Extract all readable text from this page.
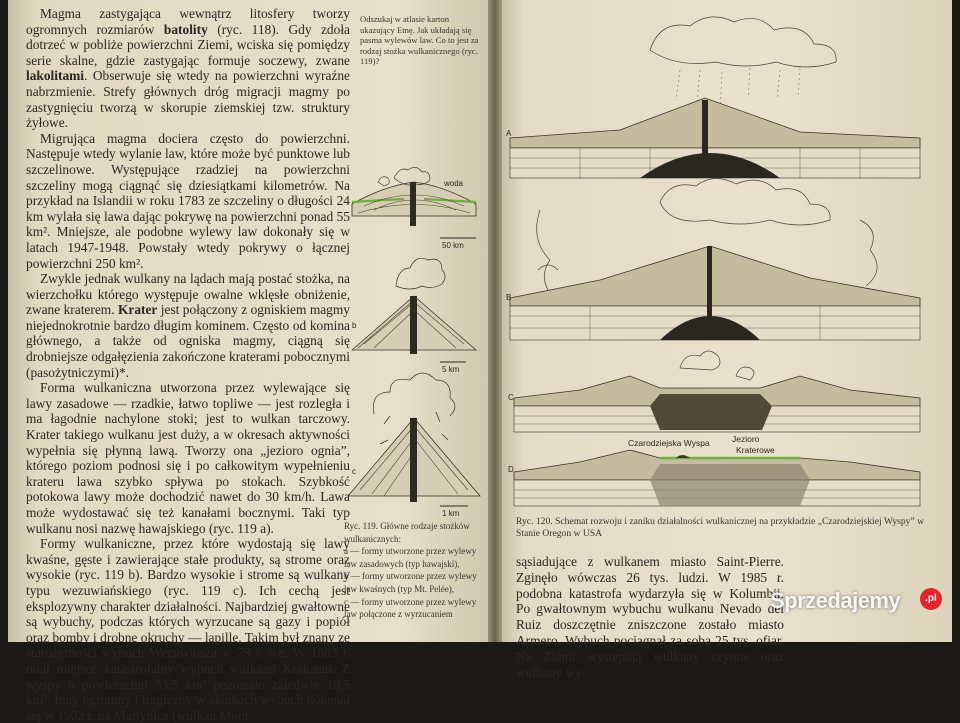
Magma zastygająca wewnątrz litosfery tworzy ogromnych rozmiarów batolity (ryc. 118). Gdy zdoła dotrzeć w pobliże powierzchni Ziemi, wciska się pomiędzy serie skalne, gdzie zastygając formuje soczewy, zwane lakolitami. Obserwuje się wtedy na powierzchni wyraźne nabrzmienie. Strefy głównych dróg migracji magmy po zastygnięciu tworzą w skorupie ziemskiej tzw. struktury żyłowe.

Migrująca magma dociera często do powierzchni. Następuje wtedy wylanie law, które może być punktowe lub szczelinowe. Występujące rzadziej na powierzchni szczeliny mogą ciągnąć się dziesiątkami kilometrów. Na przykład na Islandii w roku 1783 ze szczeliny o długości 24 km wylała się lawa dając pokrywę na powierzchni ponad 55 km². Mniejsze, ale podobne wylewy law dokonały się w latach 1947-1948. Powstały wtedy pokrywy o łącznej powierzchni 250 km².

Zwykle jednak wulkany na lądach mają postać stożka, na wierzchołku którego występuje owalne wklęsłe obniżenie, zwane kraterem. Krater jest połączony z ogniskiem magmy niejednokrotnie bardzo długim kominem. Często od komina głównego, a także od ogniska magmy, ciągną się drobniejsze odgałęzienia zakończone kraterami pobocznymi (pasożytniczymi)*.

Forma wulkaniczna utworzona przez wylewające się lawy zasadowe — rzadkie, łatwo topliwe — jest rozległa i ma łagodnie nachylone stoki; jest to wulkan tarczowy. Krater takiego wulkanu jest duży, a w okresach aktywności wypełnia się płynną lawą. Tworzy ona „jezioro ognia”, którego poziom podnosi się i po całkowitym wypełnieniu krateru lawa szybko spływa po stokach. Szybkość potokowa lawy może dochodzić nawet do 30 km/h. Lawa może wydostawać się też kanałami bocznymi. Taki typ wulkanu nosi nazwę hawajskiego (ryc. 119 a).

Formy wulkaniczne, przez które wydostają się lawy kwaśne, gęste i zawierające stałe produkty, są strome oraz wysokie (ryc. 119 b). Bardzo wysokie i strome są wulkany typu wezuwiańskiego (ryc. 119 c). Ich cechą jest eksplozywny charakter działalności. Najbardziej gwałtowne są wybuchy, podczas których wyrzucane są gazy i popiół oraz bomby i drobne okruchy — lapille. Takim był znany ze starożytności wybuch Wezuwiusza w 79 r. n.e. W 1883 r. miał miejsce katastrofalny wybuch wulkanu Krakatau. Z wyspy o powierzchni 33,5 km² pozostało zaledwie 10,5 km². Inny ogromny i tragiczny w skutkach wybuch dokonał się w 1902 r. na Martynice (wulkan Mont

Odszukaj w atlasie karton ukazujący Etnę. Jak układają się pasma wylewów law. Co to jest za rodzaj stożka wulkanicznego (ryc. 119)?
woda
50 km
b
5 km
c
1 km
Ryc. 119. Główne rodzaje stożków wulkanicznych:
a — formy utworzone przez wylewy law zasadowych (typ hawajski),
b — formy utworzone przez wylewy law kwaśnych (typ Mt. Pelée),
c — formy utworzone przez wylewy law połączone z wyrzucaniem
A
B
C
Czarodziejska Wyspa	Jezioro
Kraterowe
D
Ryc. 120. Schemat rozwoju i zaniku działalności wulkanicznej na przykładzie „Czarodziejskiej Wyspy” w Stanie Oregon w USA

sąsiadujące z wulkanem miasto Saint-Pierre. Zginęło wówczas 26 tys. ludzi. W 1985 r. podobna katastrofa wydarzyła się w Kolumbii. Po gwałtownym wybuchu wulkanu Nevado del Ruiz doszczętnie zniszczone zostało miasto Armero. Wybuch pociągnął za sobą 25 tys. ofiar. Na Ziemi występują wulkany czynne oraz wulkany wy-

Sprzedajemy	.pl
